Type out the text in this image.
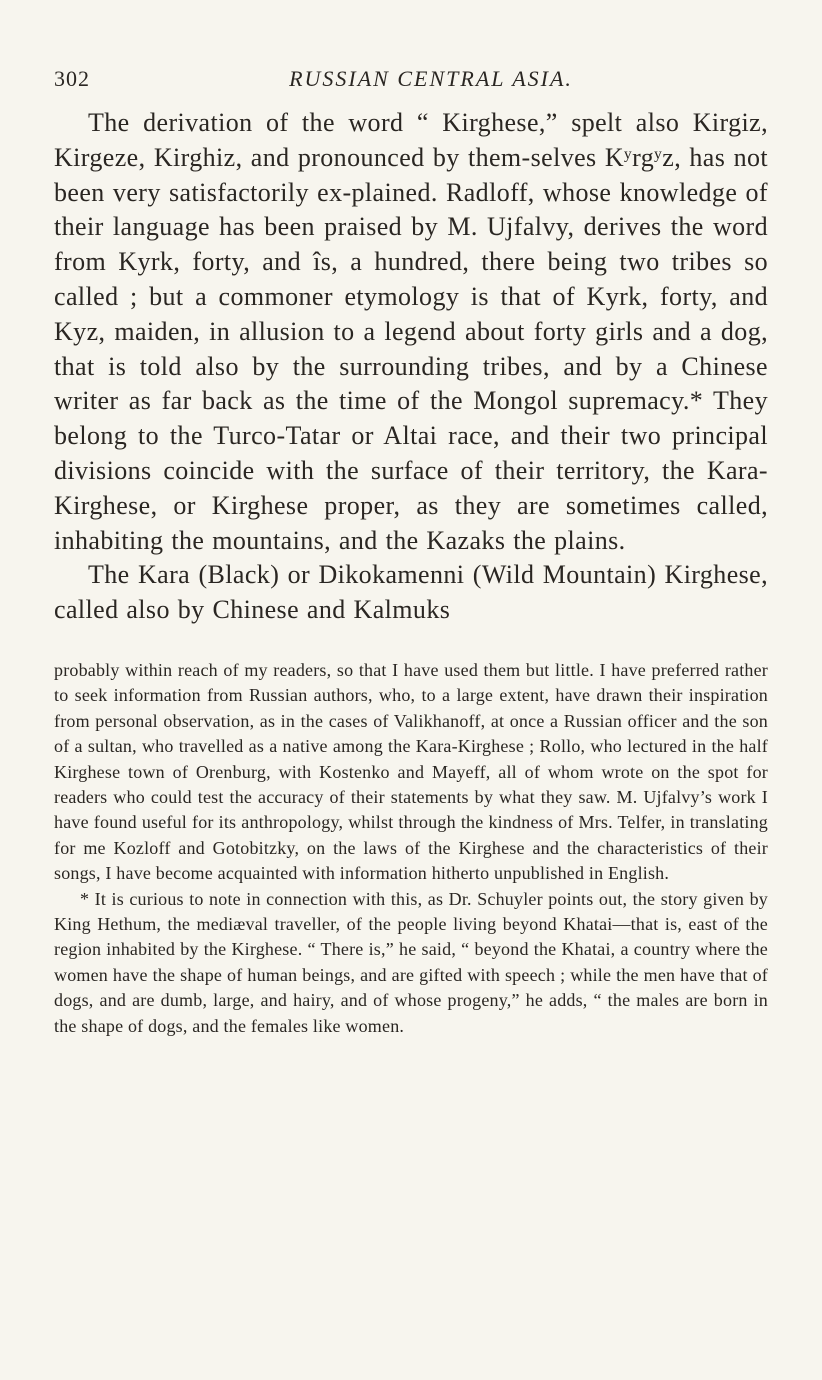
302	RUSSIAN CENTRAL ASIA.

The derivation of the word “ Kirghese,” spelt also Kirgiz, Kirgeze, Kirghiz, and pronounced by them-selves Kʸrgʸz, has not been very satisfactorily ex-plained. Radloff, whose knowledge of their language has been praised by M. Ujfalvy, derives the word from Kyrk, forty, and îs, a hundred, there being two tribes so called ; but a commoner etymology is that of Kyrk, forty, and Kyz, maiden, in allusion to a legend about forty girls and a dog, that is told also by the surrounding tribes, and by a Chinese writer as far back as the time of the Mongol supremacy.* They belong to the Turco-Tatar or Altai race, and their two principal divisions coincide with the surface of their territory, the Kara-Kirghese, or Kirghese proper, as they are sometimes called, inhabiting the mountains, and the Kazaks the plains.

The Kara (Black) or Dikokamenni (Wild Mountain) Kirghese, called also by Chinese and Kalmuks

probably within reach of my readers, so that I have used them but little. I have preferred rather to seek information from Russian authors, who, to a large extent, have drawn their inspiration from personal observation, as in the cases of Valikhanoff, at once a Russian officer and the son of a sultan, who travelled as a native among the Kara-Kirghese ; Rollo, who lectured in the half Kirghese town of Orenburg, with Kostenko and Mayeff, all of whom wrote on the spot for readers who could test the accuracy of their statements by what they saw. M. Ujfalvy’s work I have found useful for its anthropology, whilst through the kindness of Mrs. Telfer, in translating for me Kozloff and Gotobitzky, on the laws of the Kirghese and the characteristics of their songs, I have become acquainted with information hitherto unpublished in English.

* It is curious to note in connection with this, as Dr. Schuyler points out, the story given by King Hethum, the mediæval traveller, of the people living beyond Khatai—that is, east of the region inhabited by the Kirghese. “ There is,” he said, “ beyond the Khatai, a country where the women have the shape of human beings, and are gifted with speech ; while the men have that of dogs, and are dumb, large, and hairy, and of whose progeny,” he adds, “ the males are born in the shape of dogs, and the females like women.
